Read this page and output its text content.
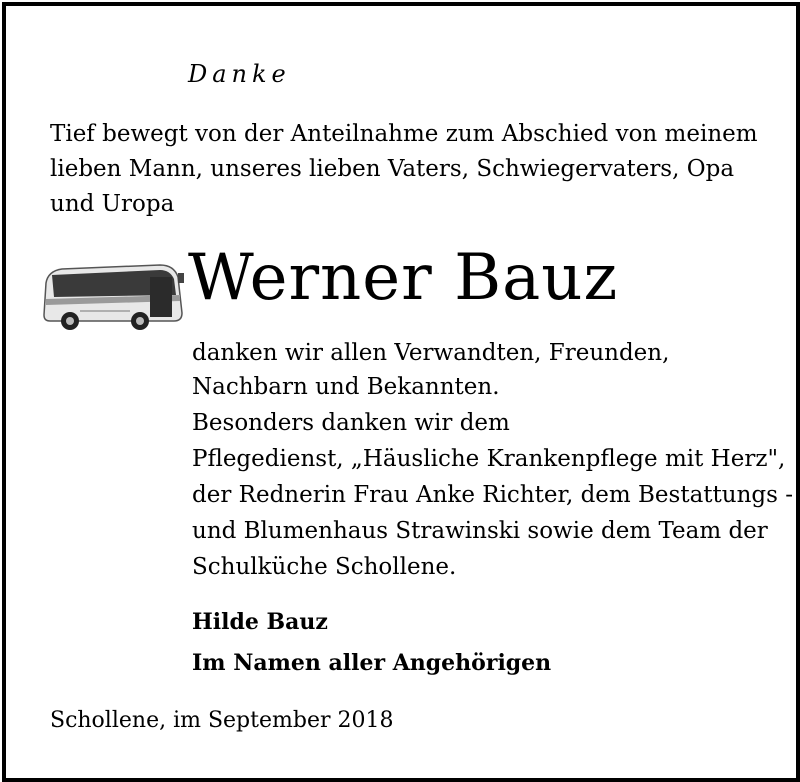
Danke
Tief bewegt von der Anteilnahme zum Abschied von meinem
lieben Mann, unseres lieben Vaters, Schwiegervaters, Opa
und Uropa
Werner Bauz
danken wir allen Verwandten, Freunden,
Nachbarn und Bekannten.
Besonders danken wir dem
Pflegedienst, „Häusliche Krankenpflege mit Herz",
der Rednerin Frau Anke Richter, dem Bestattungs -
und Blumenhaus Strawinski sowie dem Team der
Schulküche Schollene.
Hilde Bauz
Im Namen aller Angehörigen
Schollene, im September 2018
